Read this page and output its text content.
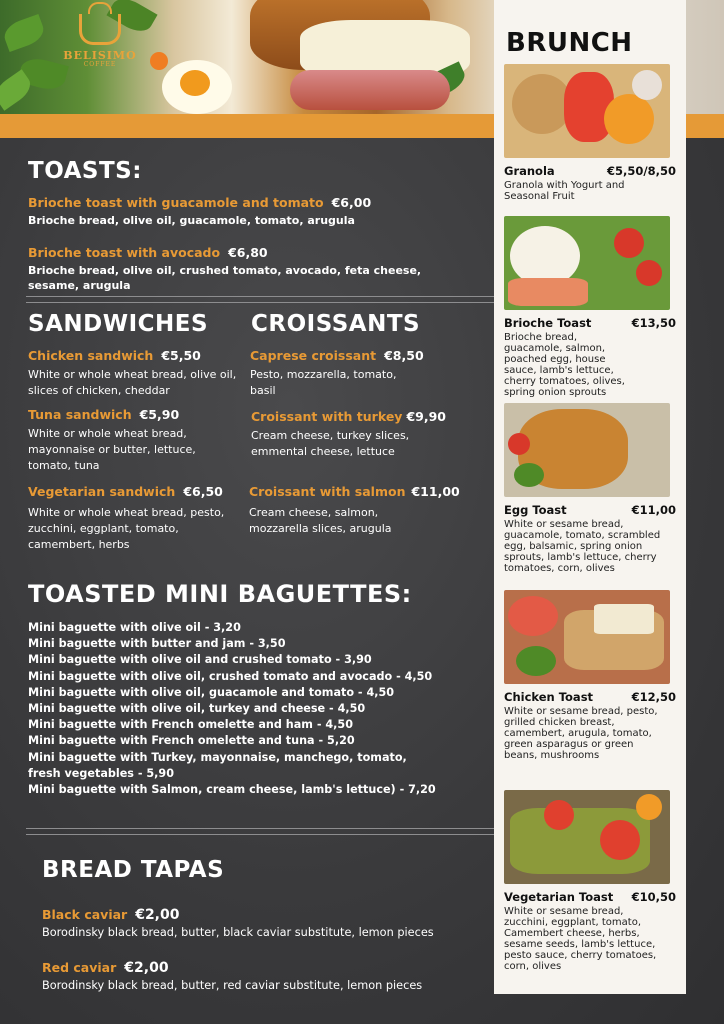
BELISIMO
COFFEE
TOASTS:
Brioche toast with guacamole and tomato €6,00
Brioche bread, olive oil, guacamole, tomato, arugula
Brioche toast with avocado €6,80
Brioche bread, olive oil, crushed tomato, avocado, feta cheese, sesame, arugula
SANDWICHES
Chicken sandwich €5,50
White or whole wheat bread, olive oil, slices of chicken, cheddar
Tuna sandwich €5,90
White or whole wheat bread, mayonnaise or butter, lettuce, tomato, tuna
Vegetarian sandwich €6,50
White or whole wheat bread, pesto, zucchini, eggplant, tomato, camembert, herbs
CROISSANTS
Caprese croissant €8,50
Pesto, mozzarella, tomato, basil
Croissant with turkey €9,90
Cream cheese, turkey slices, emmental cheese, lettuce
Croissant with salmon €11,00
Cream cheese, salmon, mozzarella slices, arugula
TOASTED MINI BAGUETTES:
Mini baguette with olive oil - 3,20
Mini baguette with butter and jam - 3,50
Mini baguette with olive oil and crushed tomato - 3,90
Mini baguette with olive oil, crushed tomato and avocado - 4,50
Mini baguette with olive oil, guacamole and tomato - 4,50
Mini baguette with olive oil, turkey and cheese - 4,50
Mini baguette with French omelette and ham - 4,50
Mini baguette with French omelette and tuna - 5,20
Mini baguette with Turkey, mayonnaise, manchego, tomato,
fresh vegetables - 5,90
Mini baguette with Salmon, cream cheese, lamb's lettuce) - 7,20
BREAD TAPAS
Black caviar €2,00
Borodinsky black bread, butter, black caviar substitute, lemon pieces
Red caviar €2,00
Borodinsky black bread, butter, red caviar substitute, lemon pieces
BRUNCH
Granola	€5,50/8,50
Granola with Yogurt and Seasonal Fruit
Brioche Toast	€13,50
Brioche bread, guacamole, salmon, poached egg, house sauce, lamb's lettuce, cherry tomatoes, olives, spring onion sprouts
Egg Toast	€11,00
White or sesame bread, guacamole, tomato, scrambled egg, balsamic, spring onion sprouts, lamb's lettuce, cherry tomatoes, corn, olives
Chicken Toast	€12,50
White or sesame bread, pesto, grilled chicken breast, camembert, arugula, tomato, green asparagus or green beans, mushrooms
Vegetarian Toast €10,50
White or sesame bread, zucchini, eggplant, tomato, Camembert cheese, herbs, sesame seeds, lamb's lettuce, pesto sauce, cherry tomatoes, corn, olives
